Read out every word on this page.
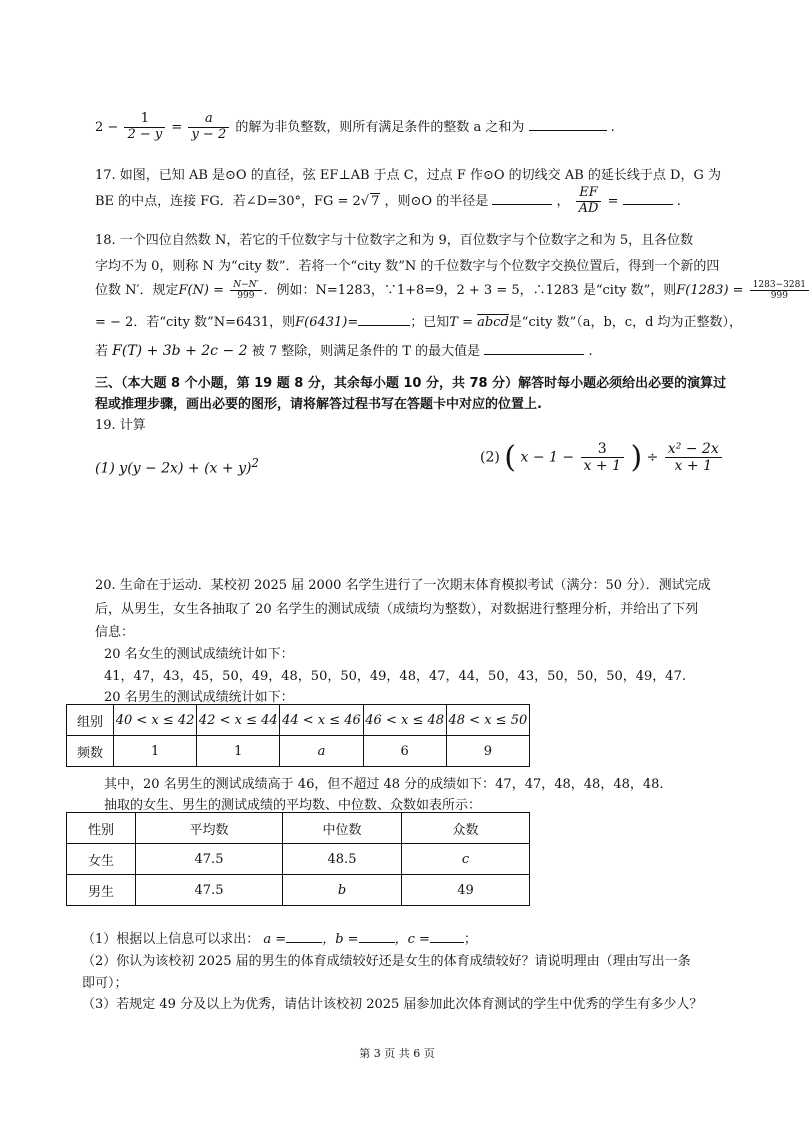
$2 - \frac{1}{2 - y} = \frac{a}{y - 2}$ 的解为非负整数，则所有满足条件的整数 a 之和为	.
17. 如图，已知 AB 是⊙O 的直径，弦 EF⊥AB 于点 C，过点 F 作⊙O 的切线交 AB 的延长线于点 D，G 为
BE 的中点，连接 FG．若∠D=30°，FG = 2√ 7 ，则⊙O 的半径是	， $\frac{EF}{AD}$ =	.
18. 一个四位自然数 N，若它的千位数字与十位数字之和为 9，百位数字与个位数字之和为 5，且各位数
字均不为 0，则称 N 为“city 数”．若将一个“city 数”N 的千位数字与个位数字交换位置后，得到一个新的四
位数 N′．规定$F(N) = \frac{N-N'}{999}$ ．例如：N=1283，∵1+8=9，2 + 3 = 5，∴1283 是“city 数”，则$F(1283) = \frac{1283-3281}{999}$
= − 2．若“city 数”N=6431，则F(6431)=	；已知T = abcd是“city 数”（a，b，c，d 均为正整数），
若 F(T) + 3b + 2c − 2 被 7 整除，则满足条件的 T 的最大值是	.
三、（本大题 8 个小题，第 19 题 8 分，其余每小题 10 分，共 78 分）解答时每小题必须给出必要的演算过
程或推理步骤，画出必要的图形，请将解答过程书写在答题卡中对应的位置上.
19. 计算
(1) $y(y - 2x) + (x + y)^2$	(2) ( $x - 1 - \frac{3}{x + 1}$ ) ÷ $\frac{\text{x² − 2x}}{x + 1}$
20. 生命在于运动．某校初 2025 届 2000 名学生进行了一次期末体育模拟考试（满分：50 分）．测试完成
后，从男生，女生各抽取了 20 名学生的测试成绩（成绩均为整数），对数据进行整理分析，并给出了下列
信息：
20 名女生的测试成绩统计如下：
41，47，43，45，50，49，48，50，50，49，48，47，44，50，43，50，50，50，49，47.
20 名男生的测试成绩统计如下：
组别	40 < x ≤ 42	42 < x ≤ 44	44 < x ≤ 46	46 < x ≤ 48	48 < x ≤ 50
频数	1	1	a	6	9
其中，20 名男生的测试成绩高于 46，但不超过 48 分的成绩如下：47，47，48，48，48，48.
抽取的女生、男生的测试成绩的平均数、中位数、众数如表所示：
性别	平均数	中位数	众数
女生	47.5	48.5	c
男生	47.5	b	49
（1）根据以上信息可以求出： a =	，b =	，c =	；
（2）你认为该校初 2025 届的男生的体育成绩较好还是女生的体育成绩较好？请说明理由（理由写出一条
即可）；
（3）若规定 49 分及以上为优秀，请估计该校初 2025 届参加此次体育测试的学生中优秀的学生有多少人？
第 3 页 共 6 页
